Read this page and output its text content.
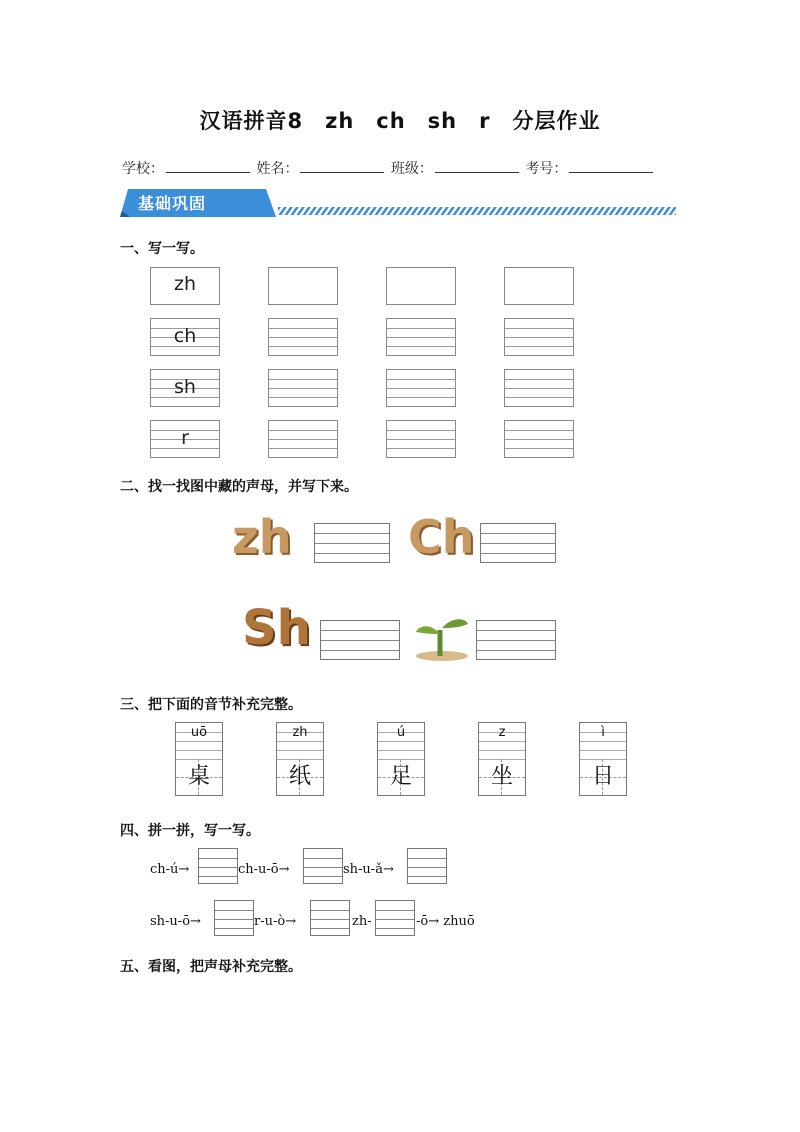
汉语拼音8　zh　ch　sh　r　分层作业
学校：	姓名：	班级：	考号：
基础巩固
一、写一写。
zh
ch
sh
r
二、找一找图中藏的声母，并写下来。
zh	Ch
Sh
三、把下面的音节补充完整。
uō
桌
zh
纸
ú
足
z
坐
ì
日
四、拼一拼，写一写。
ch-ú→	ch-u-ō→	sh-u-ǎ→
sh-u-ō→	r-u-ò→	zh-	-ō→ zhuō
五、看图，把声母补充完整。
